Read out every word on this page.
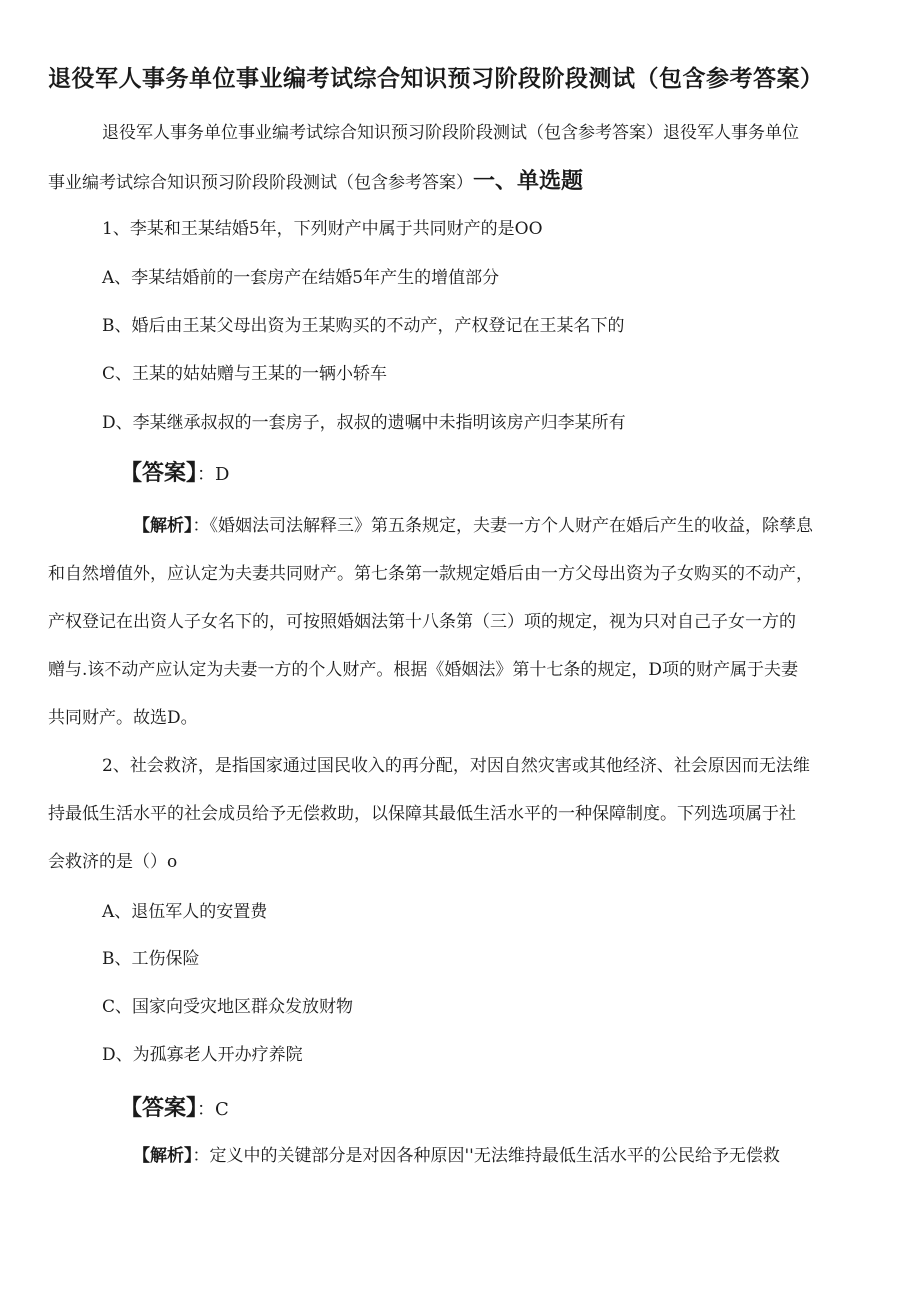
退役军人事务单位事业编考试综合知识预习阶段阶段测试（包含参考答案）

退役军人事务单位事业编考试综合知识预习阶段阶段测试（包含参考答案）退役军人事务单位

事业编考试综合知识预习阶段阶段测试（包含参考答案）一、单选题

1、李某和王某结婚5年，下列财产中属于共同财产的是OO

A、李某结婚前的一套房产在结婚5年产生的增值部分

B、婚后由王某父母出资为王某购买的不动产，产权登记在王某名下的

C、王某的姑姑赠与王某的一辆小轿车

D、李某继承叔叔的一套房子，叔叔的遗嘱中未指明该房产归李某所有

【答案】：D

【解析】：《婚姻法司法解释三》第五条规定，夫妻一方个人财产在婚后产生的收益，除孳息

和自然增值外，应认定为夫妻共同财产。第七条第一款规定婚后由一方父母出资为子女购买的不动产，

产权登记在出资人子女名下的，可按照婚姻法第十八条第（三）项的规定，视为只对自己子女一方的

赠与.该不动产应认定为夫妻一方的个人财产。根据《婚姻法》第十七条的规定，D项的财产属于夫妻

共同财产。故选D。

2、社会救济，是指国家通过国民收入的再分配，对因自然灾害或其他经济、社会原因而无法维

持最低生活水平的社会成员给予无偿救助，以保障其最低生活水平的一种保障制度。下列选项属于社

会救济的是（）o

A、退伍军人的安置费

B、工伤保险

C、国家向受灾地区群众发放财物

D、为孤寡老人开办疗养院

【答案】：C

【解析】：定义中的关键部分是对因各种原因''无法维持最低生活水平的公民给予无偿救
